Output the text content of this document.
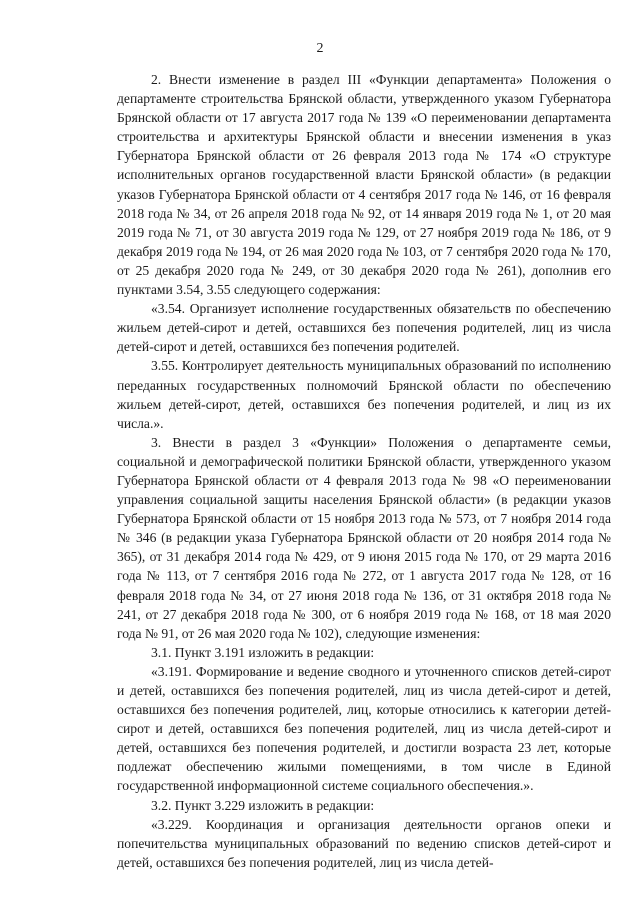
2

2. Внести изменение в раздел III «Функции департамента» Положения о департаменте строительства Брянской области, утвержденного указом Губернатора Брянской области от 17 августа 2017 года № 139 «О переименовании департамента строительства и архитектуры Брянской области и внесении изменения в указ Губернатора Брянской области от 26 февраля 2013 года № 174 «О структуре исполнительных органов государственной власти Брянской области» (в редакции указов Губернатора Брянской области от 4 сентября 2017 года № 146, от 16 февраля 2018 года № 34, от 26 апреля 2018 года № 92, от 14 января 2019 года № 1, от 20 мая 2019 года № 71, от 30 августа 2019 года № 129, от 27 ноября 2019 года № 186, от 9 декабря 2019 года № 194, от 26 мая 2020 года № 103, от 7 сентября 2020 года № 170, от 25 декабря 2020 года № 249, от 30 декабря 2020 года № 261), дополнив его пунктами 3.54, 3.55 следующего содержания:

«3.54. Организует исполнение государственных обязательств по обеспечению жильем детей-сирот и детей, оставшихся без попечения родителей, лиц из числа детей-сирот и детей, оставшихся без попечения родителей.

3.55. Контролирует деятельность муниципальных образований по исполнению переданных государственных полномочий Брянской области по обеспечению жильем детей-сирот, детей, оставшихся без попечения родителей, и лиц из их числа.».

3. Внести в раздел 3 «Функции» Положения о департаменте семьи, социальной и демографической политики Брянской области, утвержденного указом Губернатора Брянской области от 4 февраля 2013 года № 98 «О переименовании управления социальной защиты населения Брянской области» (в редакции указов Губернатора Брянской области от 15 ноября 2013 года № 573, от 7 ноября 2014 года № 346 (в редакции указа Губернатора Брянской области от 20 ноября 2014 года № 365), от 31 декабря 2014 года № 429, от 9 июня 2015 года № 170, от 29 марта 2016 года № 113, от 7 сентября 2016 года № 272, от 1 августа 2017 года № 128, от 16 февраля 2018 года № 34, от 27 июня 2018 года № 136, от 31 октября 2018 года № 241, от 27 декабря 2018 года № 300, от 6 ноября 2019 года № 168, от 18 мая 2020 года № 91, от 26 мая 2020 года № 102), следующие изменения:

3.1. Пункт 3.191 изложить в редакции:

«3.191. Формирование и ведение сводного и уточненного списков детей-сирот и детей, оставшихся без попечения родителей, лиц из числа детей-сирот и детей, оставшихся без попечения родителей, лиц, которые относились к категории детей-сирот и детей, оставшихся без попечения родителей, лиц из числа детей-сирот и детей, оставшихся без попечения родителей, и достигли возраста 23 лет, которые подлежат обеспечению жилыми помещениями, в том числе в Единой государственной информационной системе социального обеспечения.».

3.2. Пункт 3.229 изложить в редакции:

«3.229. Координация и организация деятельности органов опеки и попечительства муниципальных образований по ведению списков детей-сирот и детей, оставшихся без попечения родителей, лиц из числа детей-
